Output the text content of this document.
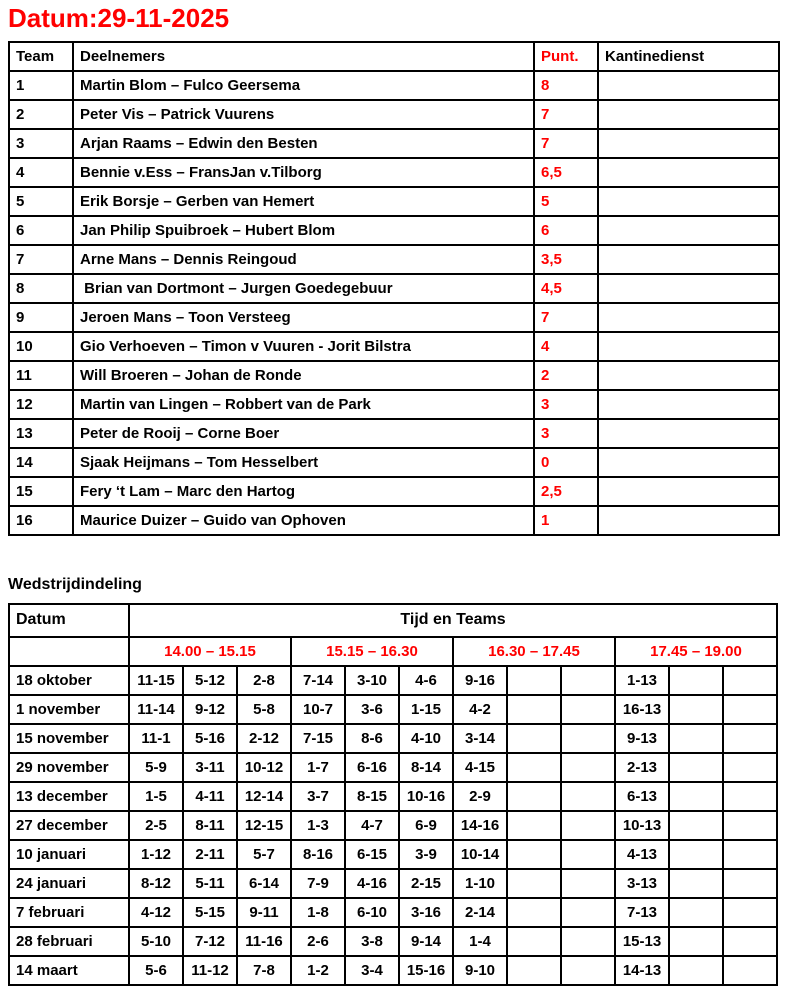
Datum:29-11-2025
Team	Deelnemers	Punt.	Kantinedienst
1	Martin Blom – Fulco Geersema	8	
2	Peter Vis – Patrick Vuurens	7	
3	Arjan Raams – Edwin den Besten	7	
4	Bennie v.Ess – FransJan v.Tilborg	6,5	
5	Erik Borsje – Gerben van Hemert	5	
6	Jan Philip Spuibroek – Hubert Blom	6	
7	Arne Mans – Dennis Reingoud	3,5	
8	Brian van Dortmont – Jurgen Goedegebuur	4,5	
9	Jeroen Mans – Toon Versteeg	7	
10	Gio Verhoeven – Timon v Vuuren - Jorit Bilstra	4	
11	Will Broeren – Johan de Ronde	2	
12	Martin van Lingen – Robbert van de Park	3	
13	Peter de Rooij – Corne Boer	3	
14	Sjaak Heijmans – Tom Hesselbert	0	
15	Fery ‘t Lam – Marc den Hartog	2,5	
16	Maurice Duizer – Guido van Ophoven	1	
Wedstrijdindeling
Datum	Tijd en Teams											
	14.00 – 15.15			15.15 – 16.30			16.30 – 17.45			17.45 – 19.00		
18 oktober	11-15	5-12	2-8	7-14	3-10	4-6	9-16			1-13		
1 november	11-14	9-12	5-8	10-7	3-6	1-15	4-2			16-13		
15 november	11-1	5-16	2-12	7-15	8-6	4-10	3-14			9-13		
29 november	5-9	3-11	10-12	1-7	6-16	8-14	4-15			2-13		
13 december	1-5	4-11	12-14	3-7	8-15	10-16	2-9			6-13		
27 december	2-5	8-11	12-15	1-3	4-7	6-9	14-16			10-13		
10 januari	1-12	2-11	5-7	8-16	6-15	3-9	10-14			4-13		
24 januari	8-12	5-11	6-14	7-9	4-16	2-15	1-10			3-13		
7 februari	4-12	5-15	9-11	1-8	6-10	3-16	2-14			7-13		
28 februari	5-10	7-12	11-16	2-6	3-8	9-14	1-4			15-13		
14 maart	5-6	11-12	7-8	1-2	3-4	15-16	9-10			14-13		
